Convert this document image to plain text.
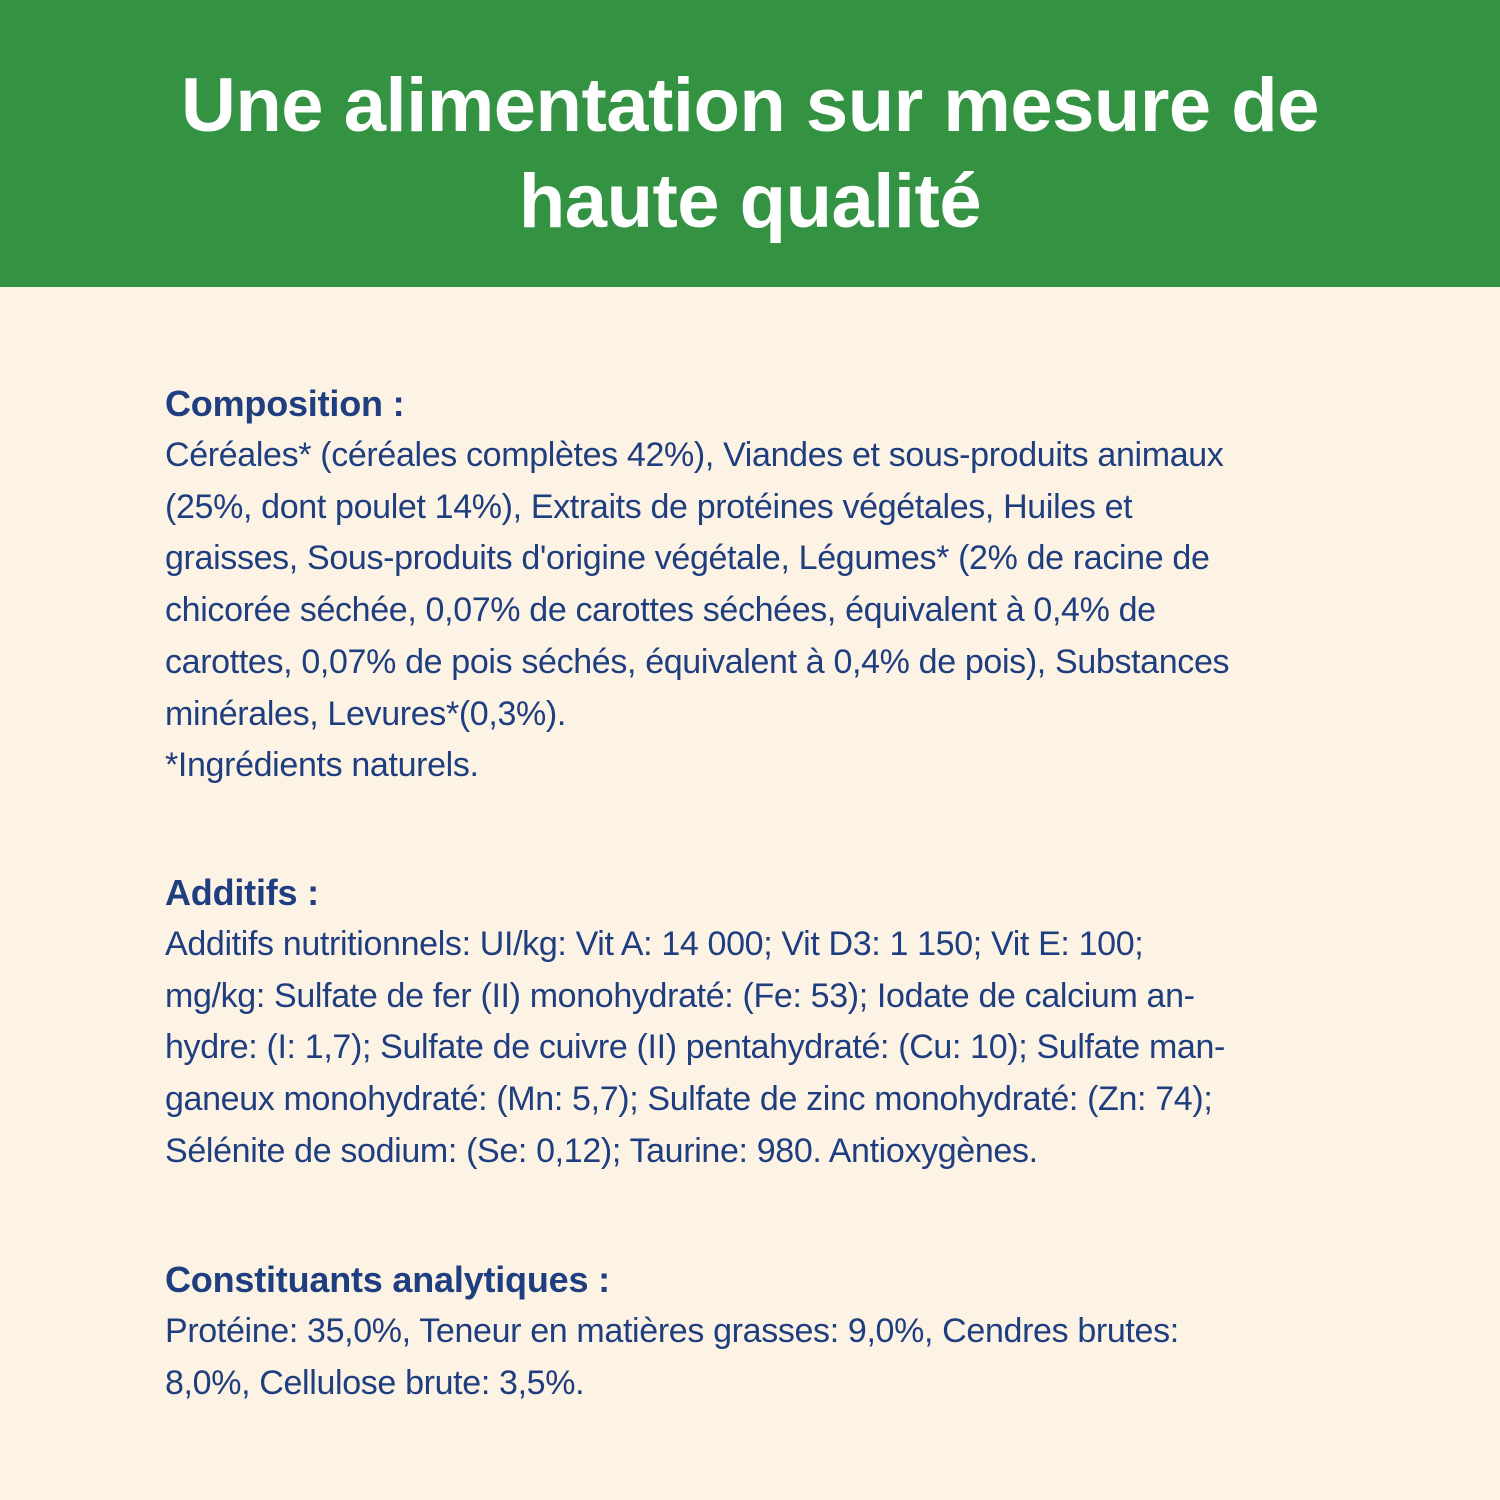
Une alimentation sur mesure de
haute qualité
Composition :

Céréales* (céréales complètes 42%), Viandes et sous-produits animaux
(25%, dont poulet 14%), Extraits de protéines végétales, Huiles et
graisses, Sous-produits d'origine végétale, Légumes* (2% de racine de
chicorée séchée, 0,07% de carottes séchées, équivalent à 0,4% de
carottes, 0,07% de pois séchés, équivalent à 0,4% de pois), Substances
minérales, Levures*(0,3%).
*Ingrédients naturels.

Additifs :

Additifs nutritionnels: UI/kg: Vit A: 14 000; Vit D3: 1 150; Vit E: 100;
mg/kg: Sulfate de fer (II) monohydraté: (Fe: 53); Iodate de calcium an-
hydre: (I: 1,7); Sulfate de cuivre (II) pentahydraté: (Cu: 10); Sulfate man-
ganeux monohydraté: (Mn: 5,7); Sulfate de zinc monohydraté: (Zn: 74);
Sélénite de sodium: (Se: 0,12); Taurine: 980. Antioxygènes.

Constituants analytiques :

Protéine: 35,0%, Teneur en matières grasses: 9,0%, Cendres brutes:
8,0%, Cellulose brute: 3,5%.
